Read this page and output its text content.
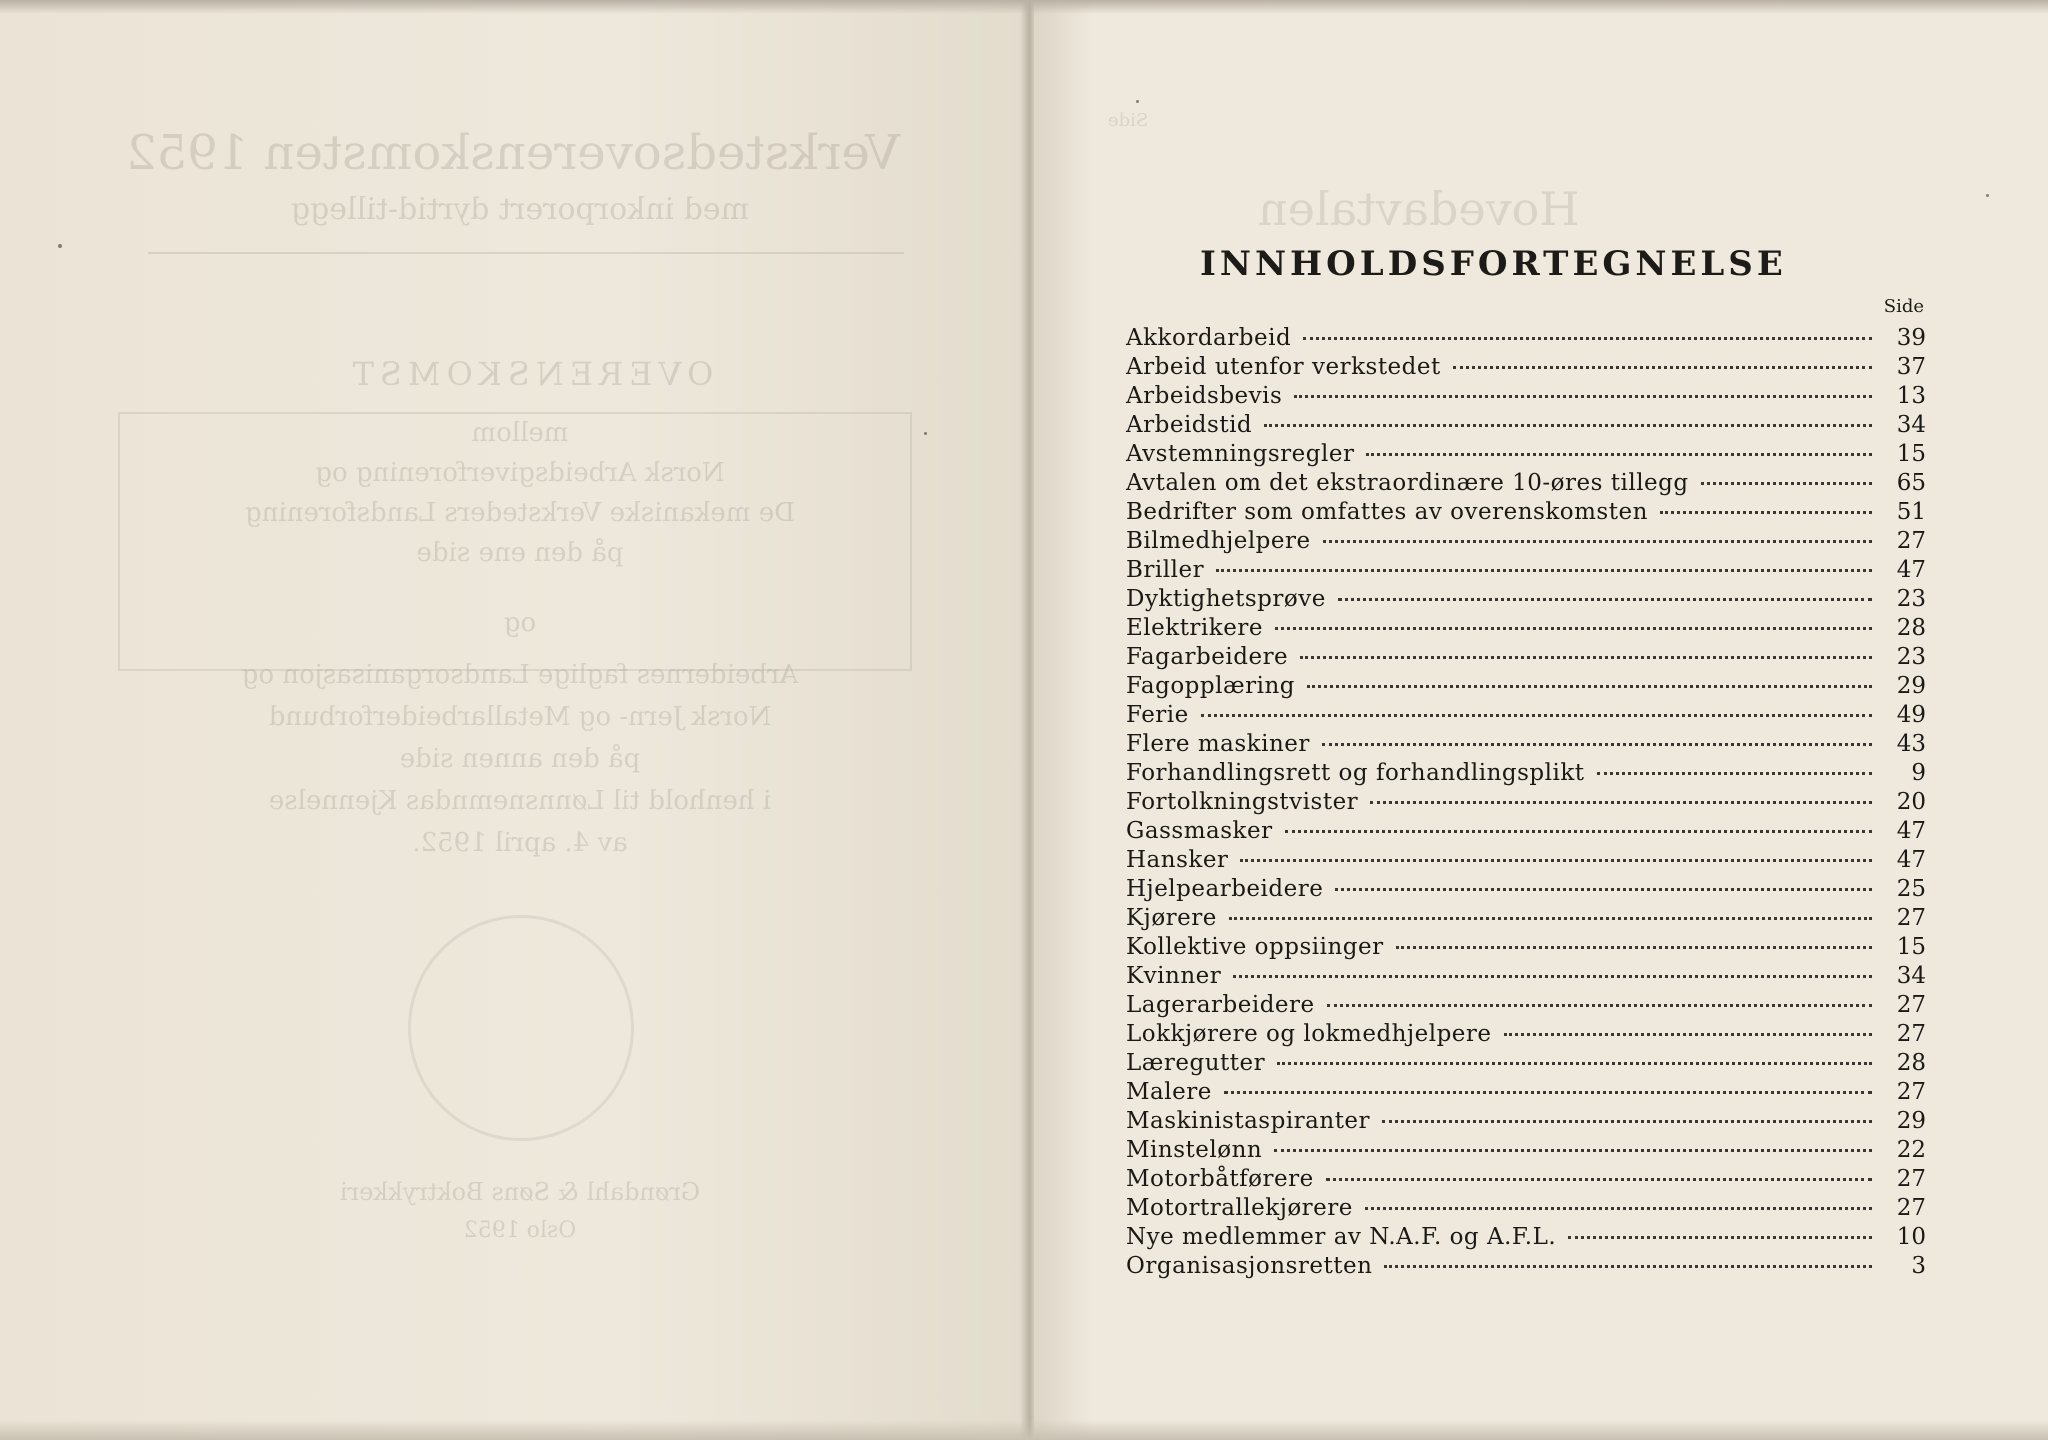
Verkstedsoverenskomsten 1952
med inkorporert dyrtid-tillegg
OVERENSKOMST
mellom
Norsk Arbeidsgiverforening og
De mekaniske Verksteders Landsforening
på den ene side
og
Arbeidernes faglige Landsorganisasjon og
Norsk Jern- og Metallarbeiderforbund
på den annen side
i henhold til Lønnsnemndas Kjennelse
av 4. april 1952.
Grøndahl & Søns Boktrykkeri
Oslo 1952
Side
Hovedavtalen
INNHOLDSFORTEGNELSE
Side
Akkordarbeid	39
Arbeid utenfor verkstedet	37
Arbeidsbevis	13
Arbeidstid	34
Avstemningsregler	15
Avtalen om det ekstraordinære 10-øres tillegg	65
Bedrifter som omfattes av overenskomsten	51
Bilmedhjelpere	27
Briller	47
Dyktighetsprøve	23
Elektrikere	28
Fagarbeidere	23
Fagopplæring	29
Ferie	49
Flere maskiner	43
Forhandlingsrett og forhandlingsplikt	9
Fortolkningstvister	20
Gassmasker	47
Hansker	47
Hjelpearbeidere	25
Kjørere	27
Kollektive oppsiinger	15
Kvinner	34
Lagerarbeidere	27
Lokkjørere og lokmedhjelpere	27
Læregutter	28
Malere	27
Maskinistaspiranter	29
Minstelønn	22
Motorbåtførere	27
Motortrallekjørere	27
Nye medlemmer av N.A.F. og A.F.L.	10
Organisasjonsretten	3
